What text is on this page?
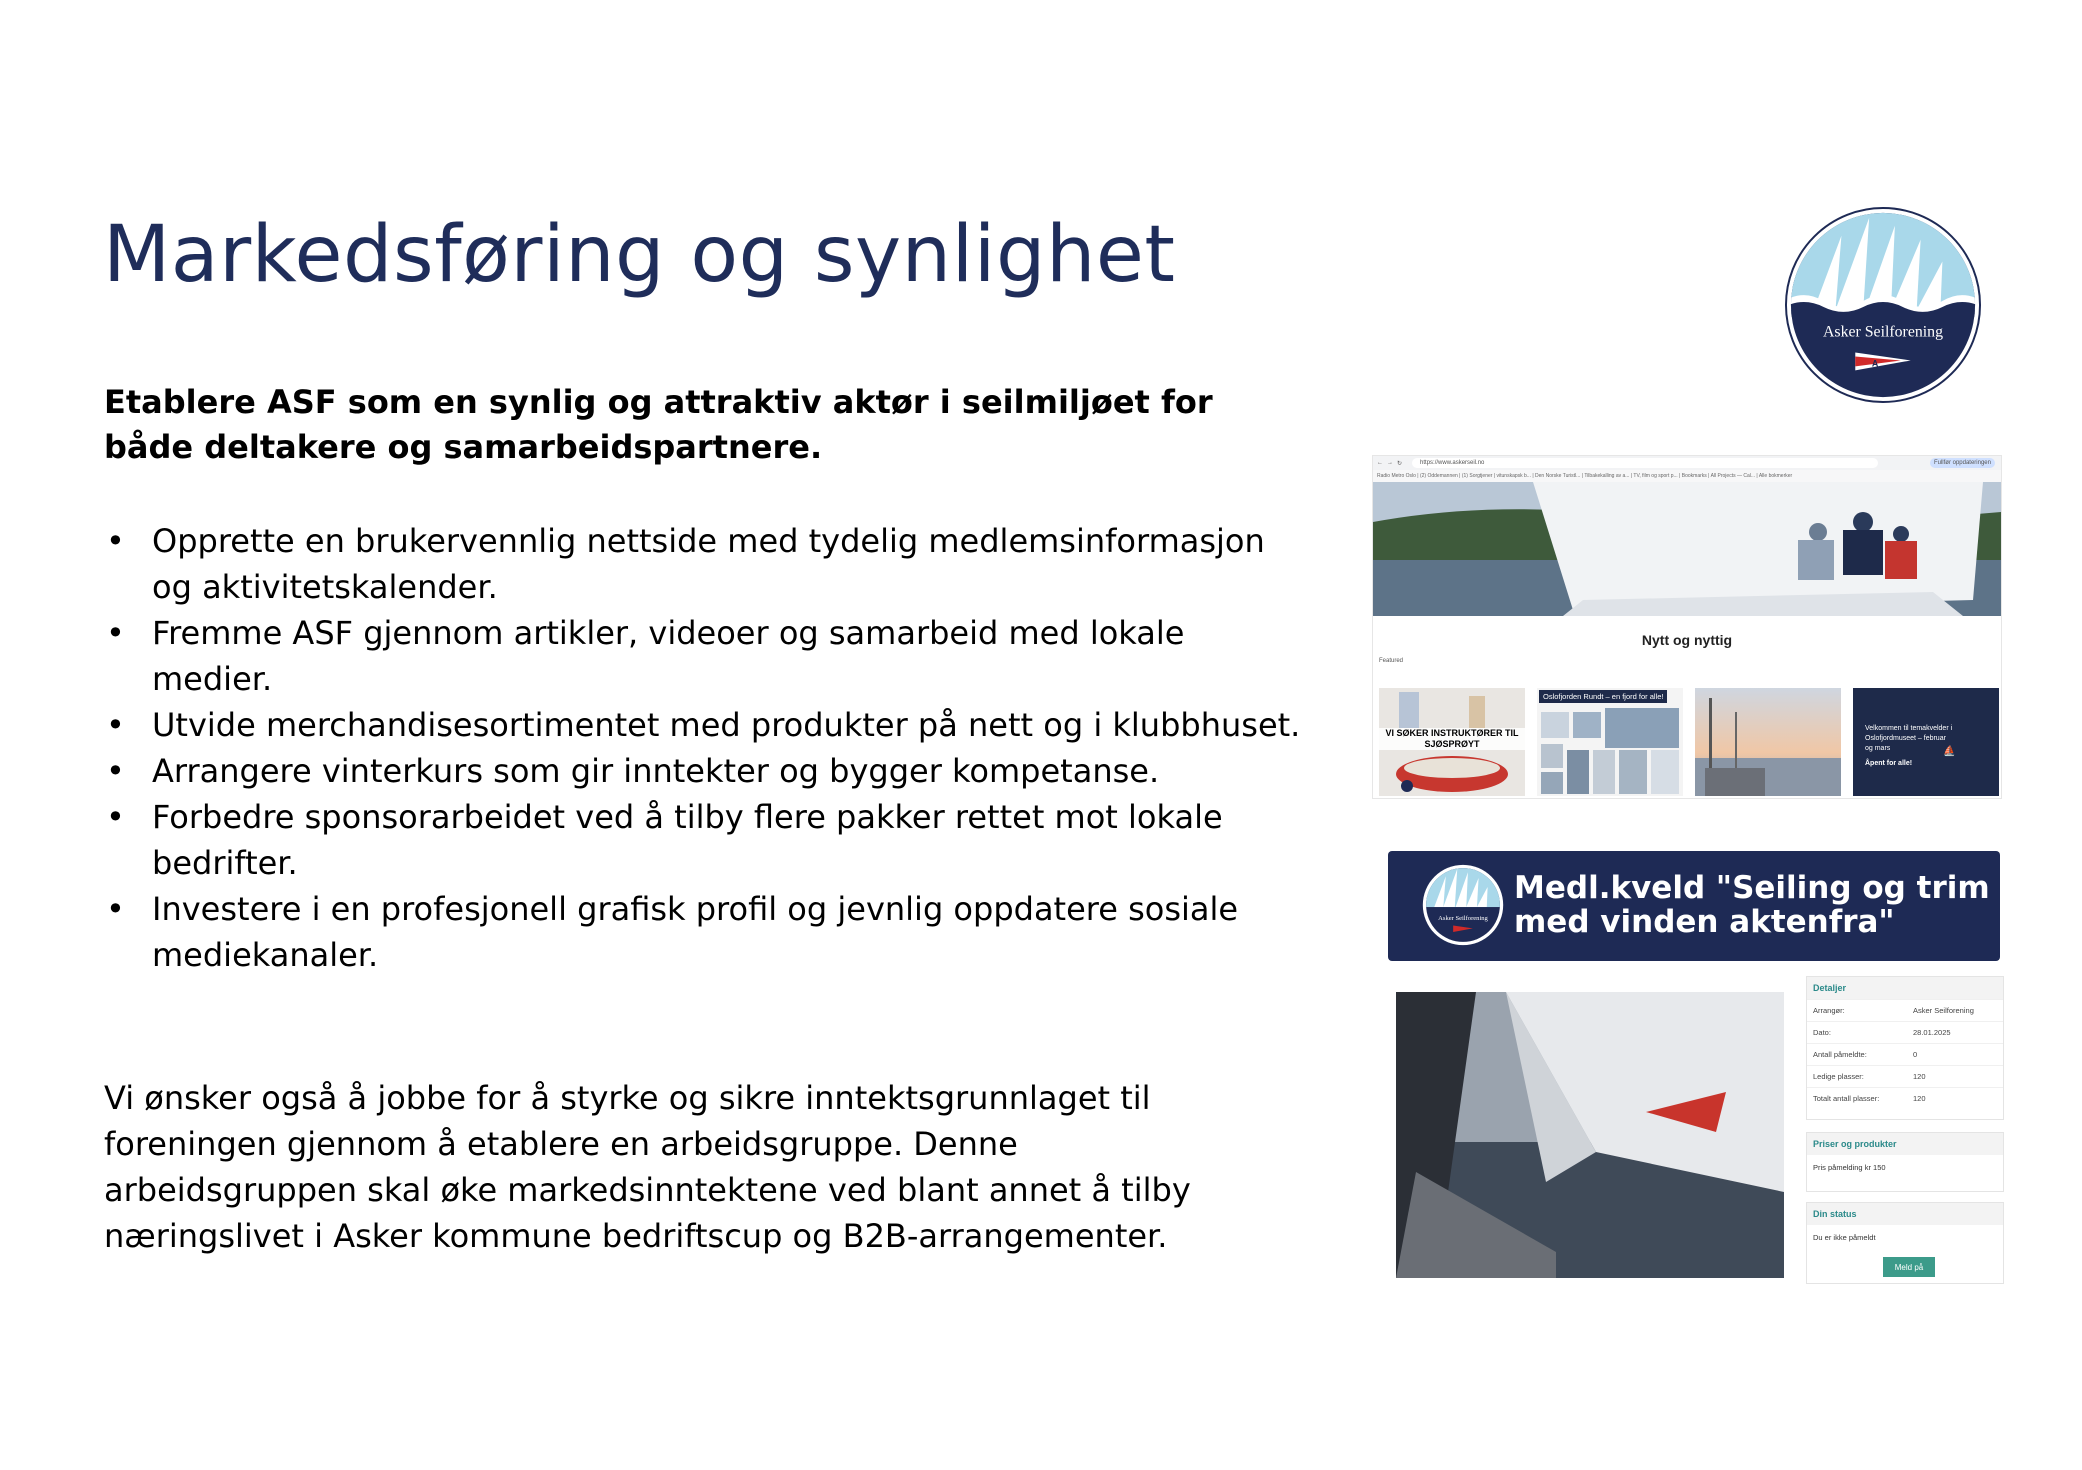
Markedsføring og synlighet

Etablere ASF som en synlig og attraktiv aktør i seilmiljøet for både deltakere og samarbeidspartnere.

• Opprette en brukervennlig nettside med tydelig medlemsinformasjon og aktivitetskalender.
• Fremme ASF gjennom artikler, videoer og samarbeid med lokale medier.
• Utvide merchandisesortimentet med produkter på nett og i klubbhuset.
• Arrangere vinterkurs som gir inntekter og bygger kompetanse.
• Forbedre sponsorarbeidet ved å tilby flere pakker rettet mot lokale bedrifter.
• Investere i en profesjonell grafisk profil og jevnlig oppdatere sosiale mediekanaler.

Vi ønsker også å jobbe for å styrke og sikre inntektsgrunnlaget til foreningen gjennom å etablere en arbeidsgruppe. Denne arbeidsgruppen skal øke markedsinntektene ved blant annet å tilby næringslivet i Asker kommune bedriftscup og B2B-arrangementer.

Asker Seilforening
A
← → ↻	https://www.askerseil.no	Fullfør oppdateringen
Radio Metro Oslo | (2) Oddemannen | (1) Sorgtjener | vitunskapsk b... | Den Norske Turistl... | Tilbakekalling av a... | TV, film og sport p... | Bookmarks | All Projects — Cal... | Alle bokmerker
Nytt og nyttig
Featured
VI SØKER INSTRUKTØRER TIL SJØSPRØYT
Oslofjorden Rundt – en fjord for alle!
Velkommen til temakvelder i Oslofjordmuseet – februar og mars
Åpent for alle!
⛵
Asker Seilforening
Medl.kveld "Seiling og trim
med vinden aktenfra"
Detaljer
Arrangør:	Asker Seilforening
Dato:	28.01.2025
Antall påmeldte:	0
Ledige plasser:	120
Totalt antall plasser:	120
Priser og produkter
Pris påmelding kr 150
Din status
Du er ikke påmeldt
Meld på
